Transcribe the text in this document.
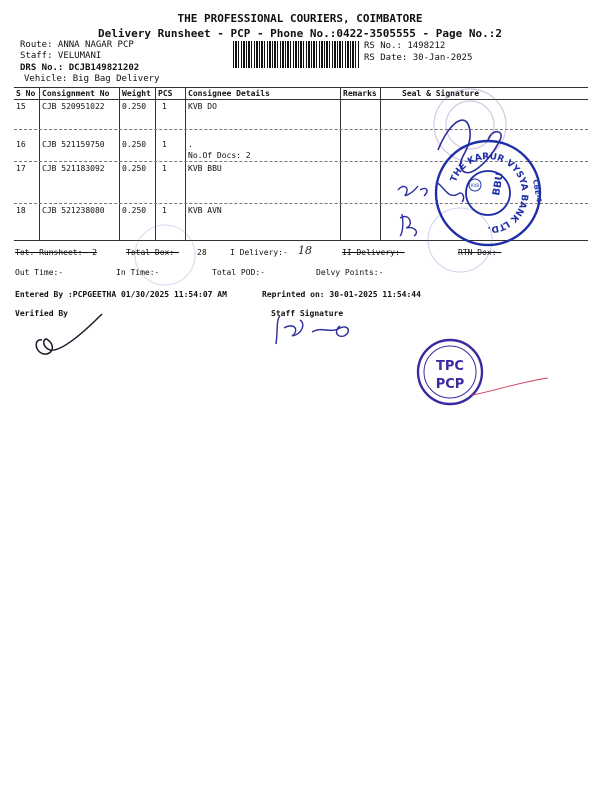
THE PROFESSIONAL COURIERS, COIMBATORE
Delivery Runsheet - PCP - Phone No.:0422-3505555 - Page No.:2
Route: ANNA NAGAR PCP
Staff: VELUMANI
DRS No.: DCJB149821202
Vehicle: Big Bag Delivery
RS No.: 1498212
RS Date: 30-Jan-2025
S No Consignment No Weight PCS Consignee Details	Remarks	Seal & Signature
15 CJB 520951022 0.250 1	KVB DO
16 CJB 521159750 0.250 1	.
No.Of Docs: 2
17 CJB 521183092 0.250 1	KVB BBU
18 CJB 521238080 0.250 1	KVB AVN
Tot. Runsheet:- 2	Total Dox:- 28	I Delivery:- 18	II Delivery:-	RTN Dox:-
Out Time:-	In Time:-	Total POD:-	Delvy Points:-
Entered By :PCPGEETHA 01/30/2025 11:54:07 AM	Reprinted on: 30-01-2025 11:54:44
Verified By	Staff Signature
THE KARUR VYSYA BANK LTD.
BBU
KVB	CBE-4
TPC
PCP
